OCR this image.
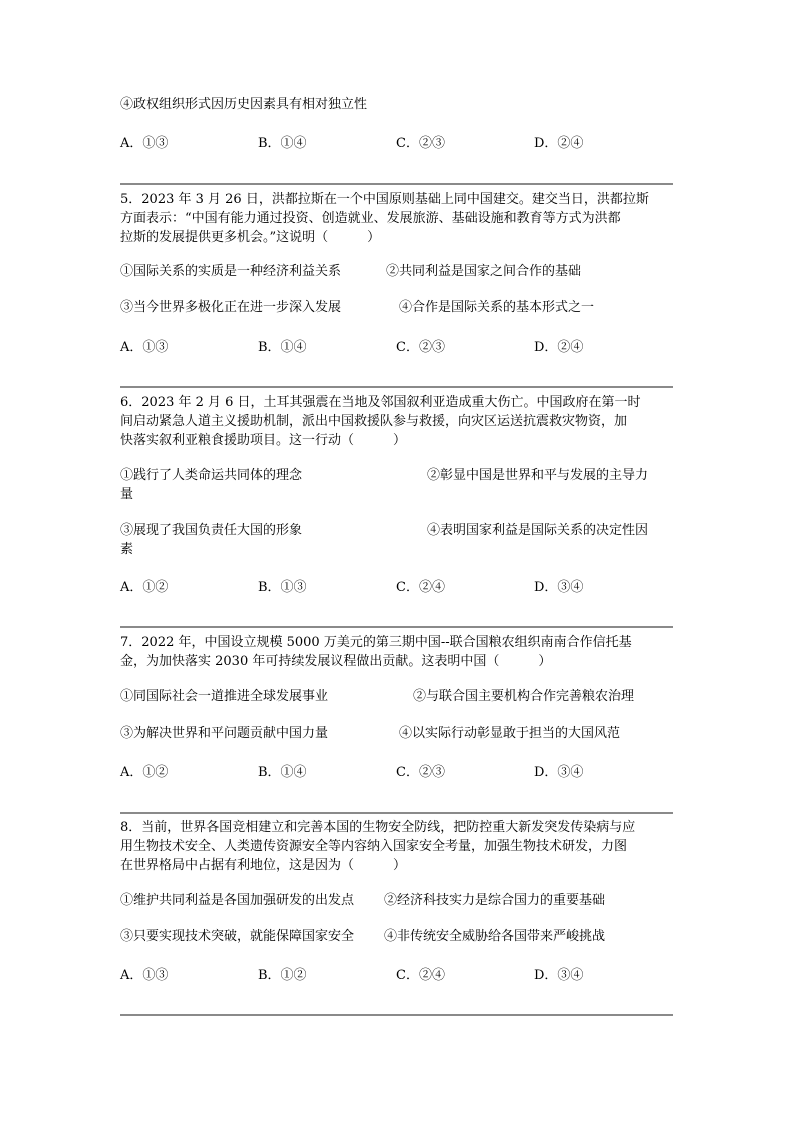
④政权组织形式因历史因素具有相对独立性
A．①③	B．①④	C．②③	D．②④
5．2023 年 3 月 26 日，洪都拉斯在一个中国原则基础上同中国建交。建交当日，洪都拉斯
方面表示：“中国有能力通过投资、创造就业、发展旅游、基础设施和教育等方式为洪都
拉斯的发展提供更多机会。”这说明（　　　）
①国际关系的实质是一种经济利益关系	②共同利益是国家之间合作的基础
③当今世界多极化正在进一步深入发展	④合作是国际关系的基本形式之一
A．①③	B．①④	C．②③	D．②④
6．2023 年 2 月 6 日，土耳其强震在当地及邻国叙利亚造成重大伤亡。中国政府在第一时
间启动紧急人道主义援助机制，派出中国救援队参与救援，向灾区运送抗震救灾物资，加
快落实叙利亚粮食援助项目。这一行动（　　　）
①践行了人类命运共同体的理念	②彰显中国是世界和平与发展的主导力
量
③展现了我国负责任大国的形象	④表明国家利益是国际关系的决定性因
素
A．①②	B．①③	C．②④	D．③④
7．2022 年，中国设立规模 5000 万美元的第三期中国--联合国粮农组织南南合作信托基
金，为加快落实 2030 年可持续发展议程做出贡献。这表明中国（　　　）
①同国际社会一道推进全球发展事业	②与联合国主要机构合作完善粮农治理
③为解决世界和平问题贡献中国力量	④以实际行动彰显敢于担当的大国风范
A．①②	B．①④	C．②③	D．③④
8．当前，世界各国竞相建立和完善本国的生物安全防线，把防控重大新发突发传染病与应
用生物技术安全、人类遗传资源安全等内容纳入国家安全考量，加强生物技术研发，力图
在世界格局中占据有利地位，这是因为（　　　）
①维护共同利益是各国加强研发的出发点 ②经济科技实力是综合国力的重要基础
③只要实现技术突破，就能保障国家安全 ④非传统安全威胁给各国带来严峻挑战
A．①③	B．①②	C．②④	D．③④
